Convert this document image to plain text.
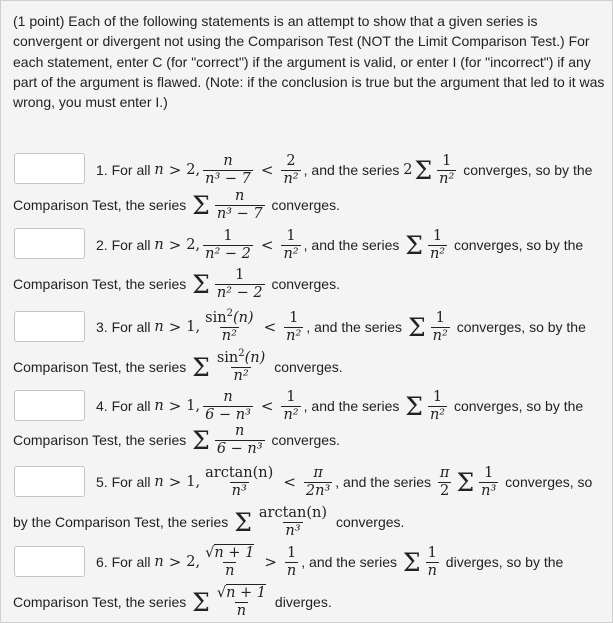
(1 point) Each of the following statements is an attempt to show that a given series is convergent or divergent not using the Comparison Test (NOT the Limit Comparison Test.) For each statement, enter C (for "correct") if the argument is valid, or enter I (for "incorrect") if any part of the argument is flawed. (Note: if the conclusion is true but the argument that led to it was wrong, you must enter I.)
1.
For all
n > 2 , $\frac{n}{\text{n³ − 7}} < \frac{2}{\text{n²}}$ , and the series
2 Σ $\frac{1}{\text{n²}}$
converges,
so by the
Comparison Test, the series
Σ $\frac{n}{\text{n³ − 7}}$
converges.
2.
For all
n > 2 , $\frac{1}{\text{n² − 2}} < \frac{1}{\text{n²}}$ , and the series
Σ $\frac{1}{\text{n²}}$
converges,
so by the
Comparison Test, the series
Σ $\frac{1}{\text{n² − 2}}$
converges.
3.
For all
n > 1 , $\frac{\sin^2(n)}{\text{n²}} < \frac{1}{\text{n²}}$ , and the series
Σ $\frac{1}{\text{n²}}$
converges,
so by the
Comparison Test, the series
Σ $\frac{\sin^2(n)}{\text{n²}}$
converges.
4.
For all
n > 1 , $\frac{n}{\text{6 − n³}} < \frac{1}{\text{n²}}$ , and the series
Σ $\frac{1}{\text{n²}}$
converges,
so by the
Comparison Test, the series
Σ $\frac{n}{\text{6 − n³}}$
converges.
5.
For all
n > 1 , $\frac{\arctan(n)}{\text{n³}} < \frac{\pi}{\text{2n³}}$ , and the series
$\frac{\pi}{2}$ Σ $\frac{1}{\text{n³}}$
converges, so
by the Comparison Test, the series
Σ $\frac{\arctan(n)}{\text{n³}}$
converges.
6.
For all
n > 2 , $\frac{√n + 1}{n} > \frac{1}{n}$ , and the series
Σ $\frac{1}{n}$
diverges,
so by the
Comparison Test, the series
Σ $\frac{√n + 1}{n}$
diverges.
